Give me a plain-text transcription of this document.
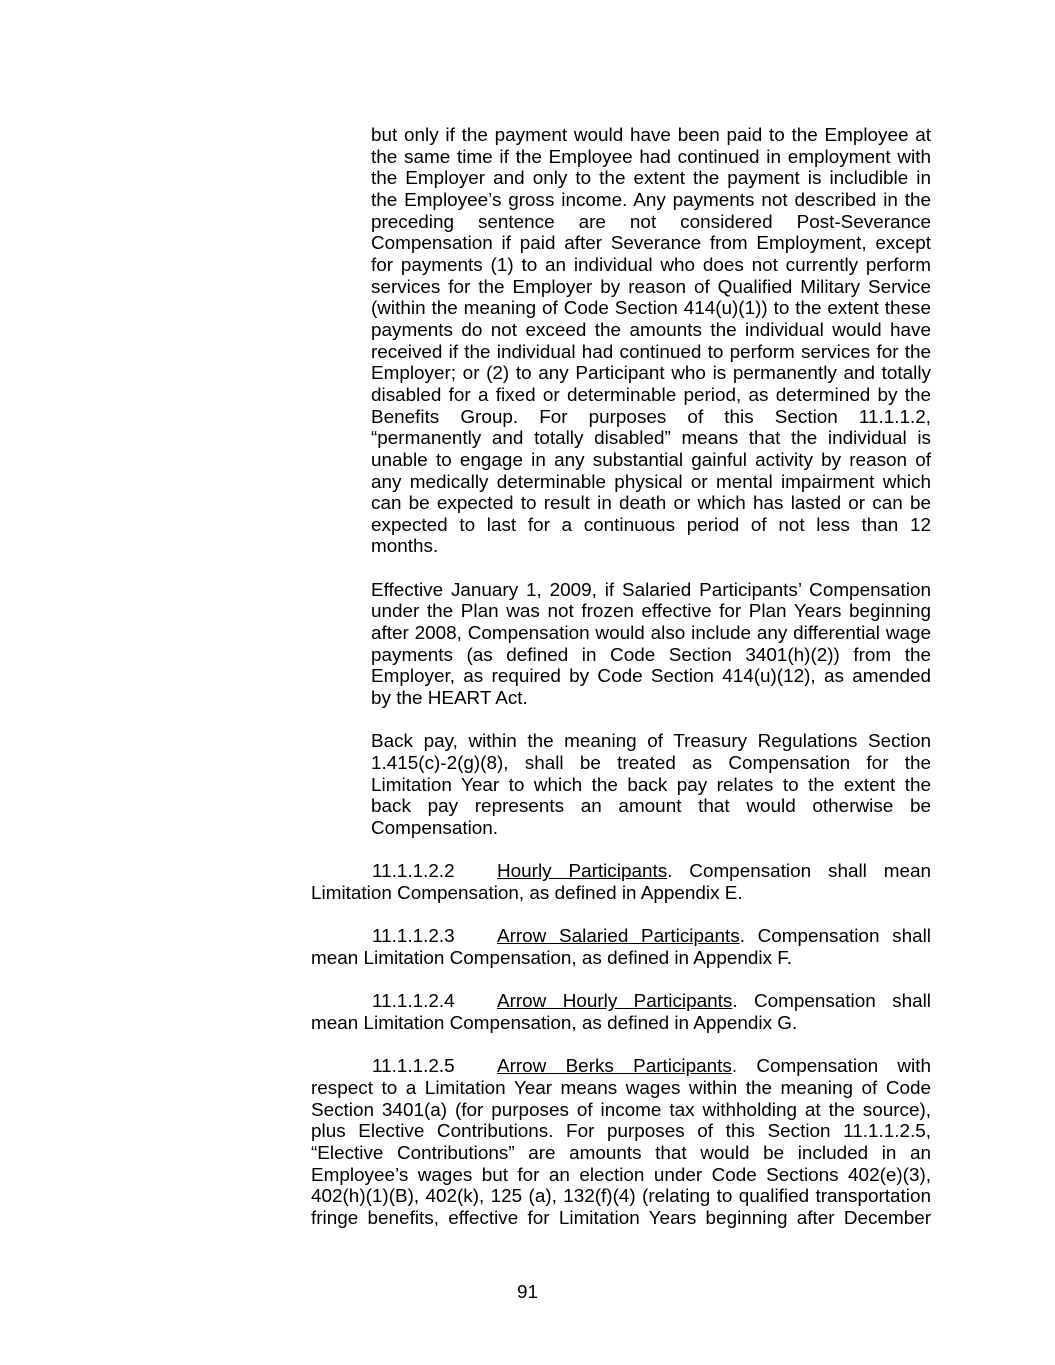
but only if the payment would have been paid to the Employee at
the same time if the Employee had continued in employment with
the Employer and only to the extent the payment is includible in
the Employee’s gross income. Any payments not described in the
preceding sentence are not considered Post-Severance
Compensation if paid after Severance from Employment, except
for payments (1) to an individual who does not currently perform
services for the Employer by reason of Qualified Military Service
(within the meaning of Code Section 414(u)(1)) to the extent these
payments do not exceed the amounts the individual would have
received if the individual had continued to perform services for the
Employer; or (2) to any Participant who is permanently and totally
disabled for a fixed or determinable period, as determined by the
Benefits Group. For purposes of this Section 11.1.1.2,
“permanently and totally disabled” means that the individual is
unable to engage in any substantial gainful activity by reason of
any medically determinable physical or mental impairment which
can be expected to result in death or which has lasted or can be
expected to last for a continuous period of not less than 12
months.
Effective January 1, 2009, if Salaried Participants’ Compensation
under the Plan was not frozen effective for Plan Years beginning
after 2008, Compensation would also include any differential wage
payments (as defined in Code Section 3401(h)(2)) from the
Employer, as required by Code Section 414(u)(12), as amended
by the HEART Act.
Back pay, within the meaning of Treasury Regulations Section
1.415(c)-2(g)(8), shall be treated as Compensation for the
Limitation Year to which the back pay relates to the extent the
back pay represents an amount that would otherwise be
Compensation.
11.1.1.2.2	Hourly Participants. Compensation shall mean
Limitation Compensation, as defined in Appendix E.
11.1.1.2.3	Arrow Salaried Participants. Compensation shall
mean Limitation Compensation, as defined in Appendix F.
11.1.1.2.4	Arrow Hourly Participants. Compensation shall
mean Limitation Compensation, as defined in Appendix G.
11.1.1.2.5	Arrow Berks Participants. Compensation with
respect to a Limitation Year means wages within the meaning of Code
Section 3401(a) (for purposes of income tax withholding at the source),
plus Elective Contributions. For purposes of this Section 11.1.1.2.5,
“Elective Contributions” are amounts that would be included in an
Employee’s wages but for an election under Code Sections 402(e)(3),
402(h)(1)(B), 402(k), 125 (a), 132(f)(4) (relating to qualified transportation
fringe benefits, effective for Limitation Years beginning after December
91
